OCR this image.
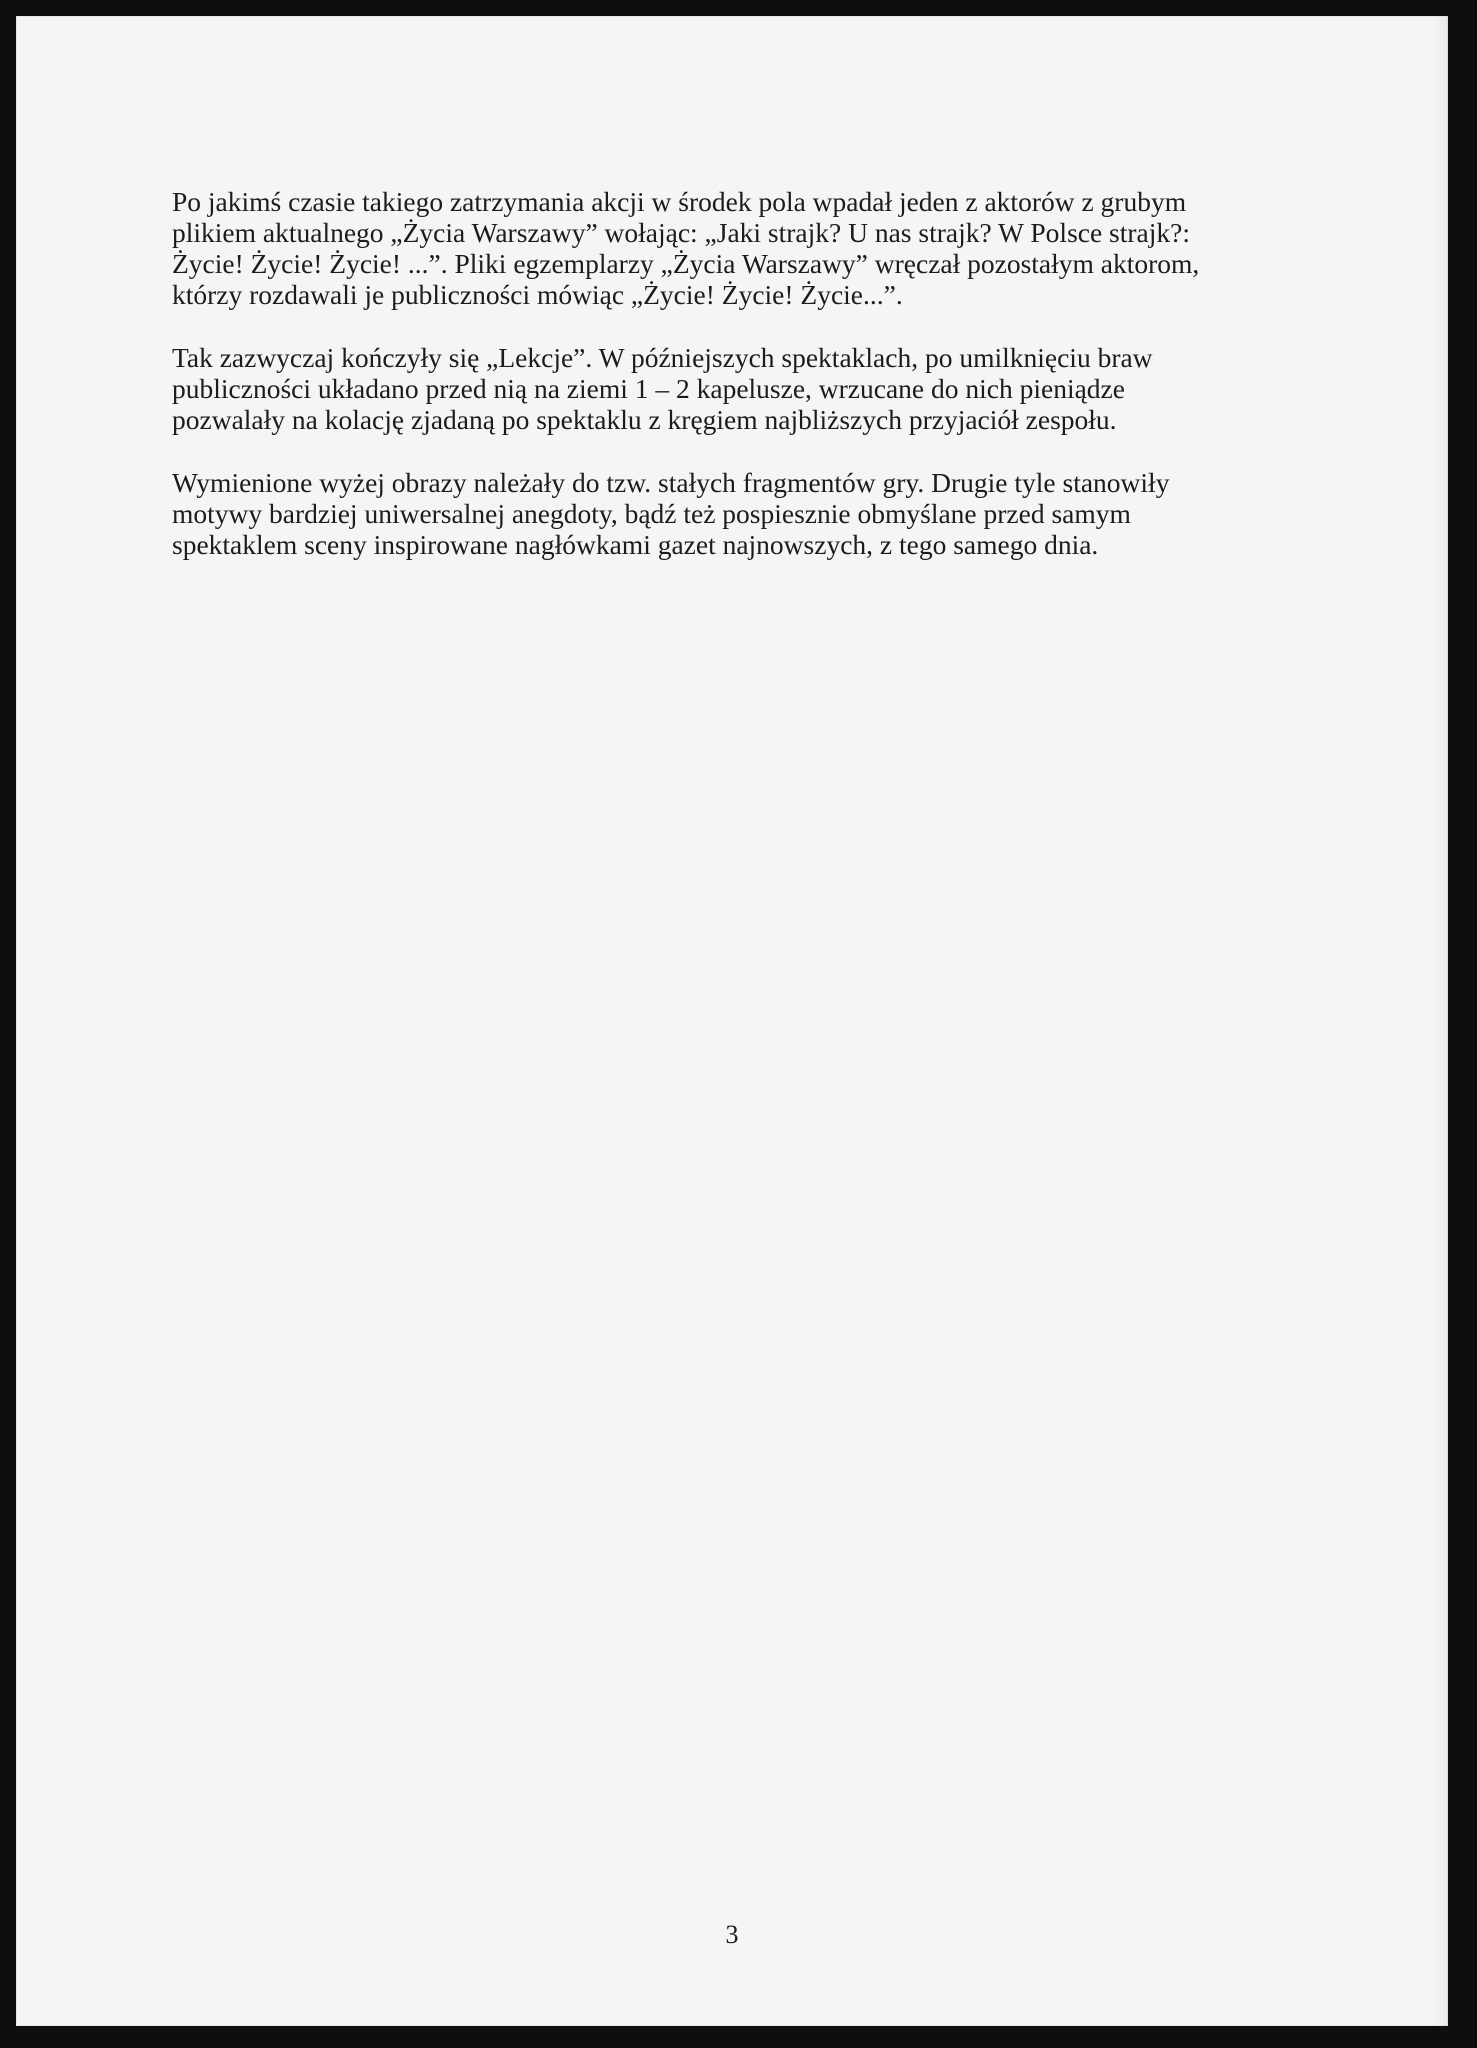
Po jakimś czasie takiego zatrzymania akcji w środek pola wpadał jeden z aktorów z grubym
plikiem aktualnego „Życia Warszawy” wołając: „Jaki strajk? U nas strajk? W Polsce strajk?:
Życie! Życie! Życie! ...”. Pliki egzemplarzy „Życia Warszawy” wręczał pozostałym aktorom,
którzy rozdawali je publiczności mówiąc „Życie! Życie! Życie...”.

Tak zazwyczaj kończyły się „Lekcje”. W późniejszych spektaklach, po umilknięciu braw
publiczności układano przed nią na ziemi 1 – 2 kapelusze, wrzucane do nich pieniądze
pozwalały na kolację zjadaną po spektaklu z kręgiem najbliższych przyjaciół zespołu.

Wymienione wyżej obrazy należały do tzw. stałych fragmentów gry. Drugie tyle stanowiły
motywy bardziej uniwersalnej anegdoty, bądź też pospiesznie obmyślane przed samym
spektaklem sceny inspirowane nagłówkami gazet najnowszych, z tego samego dnia.

3
